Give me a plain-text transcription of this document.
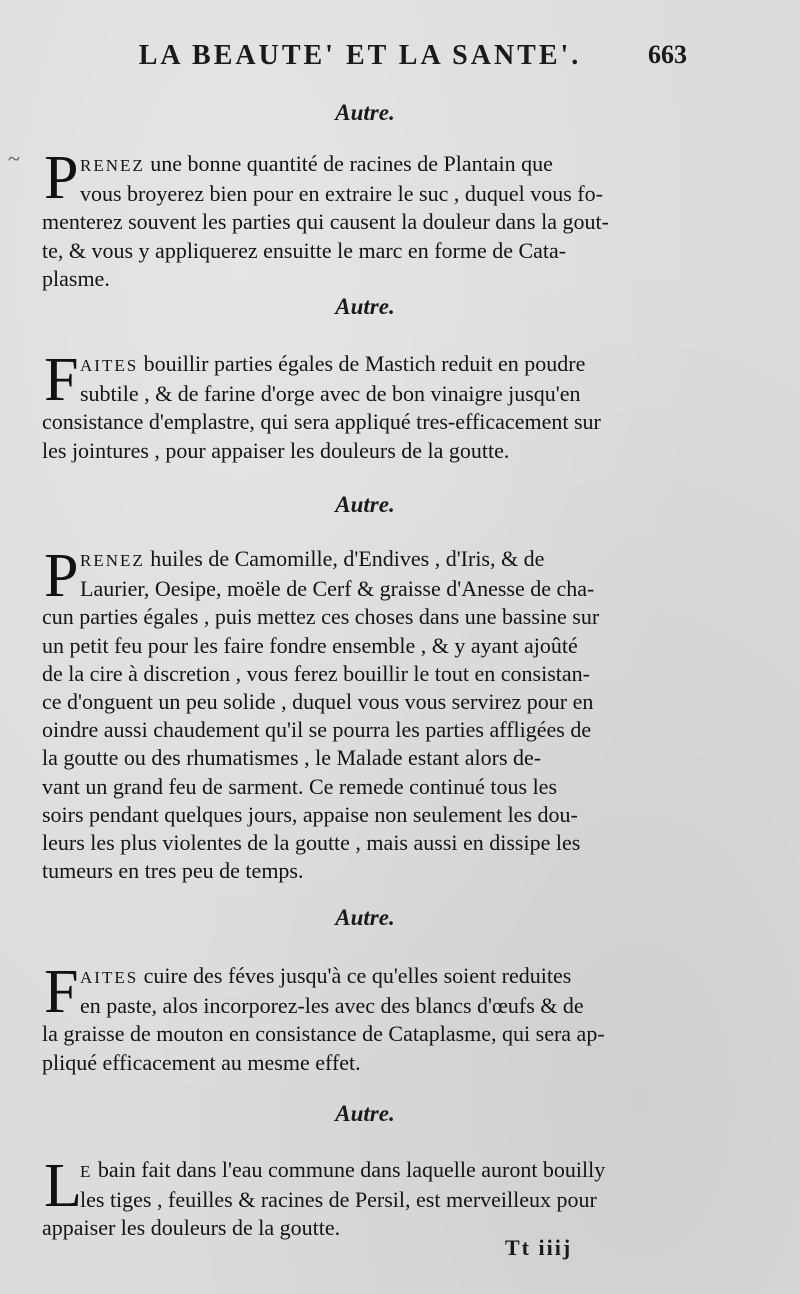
~
LA BEAUTE' ET LA SANTE'.	663
Autre.
P RENEZ une bonne quantité de racines de Plantain que
vous broyerez bien pour en extraire le suc , duquel vous fo-
menterez souvent les parties qui causent la douleur dans la gout-
te, & vous y appliquerez ensuitte le marc en forme de Cata-
plasme.
Autre.
F AITES bouillir parties égales de Mastich reduit en poudre
subtile , & de farine d'orge avec de bon vinaigre jusqu'en
consistance d'emplastre, qui sera appliqué tres-efficacement sur
les jointures , pour appaiser les douleurs de la goutte.
Autre.
P RENEZ huiles de Camomille, d'Endives , d'Iris, & de
Laurier, Oesipe, moële de Cerf & graisse d'Anesse de cha-
cun parties égales , puis mettez ces choses dans une bassine sur
un petit feu pour les faire fondre ensemble , & y ayant ajoûté
de la cire à discretion , vous ferez bouillir le tout en consistan-
ce d'onguent un peu solide , duquel vous vous servirez pour en
oindre aussi chaudement qu'il se pourra les parties affligées de
la goutte ou des rhumatismes , le Malade estant alors de-
vant un grand feu de sarment. Ce remede continué tous les
soirs pendant quelques jours, appaise non seulement les dou-
leurs les plus violentes de la goutte , mais aussi en dissipe les
tumeurs en tres peu de temps.
Autre.
F AITES cuire des féves jusqu'à ce qu'elles soient reduites
en paste, alos incorporez-les avec des blancs d'œufs & de
la graisse de mouton en consistance de Cataplasme, qui sera ap-
pliqué efficacement au mesme effet.
Autre.
L
E bain fait dans l'eau commune dans laquelle auront bouilly
les tiges , feuilles & racines de Persil, est merveilleux pour
appaiser les douleurs de la goutte.
Tt iiij
